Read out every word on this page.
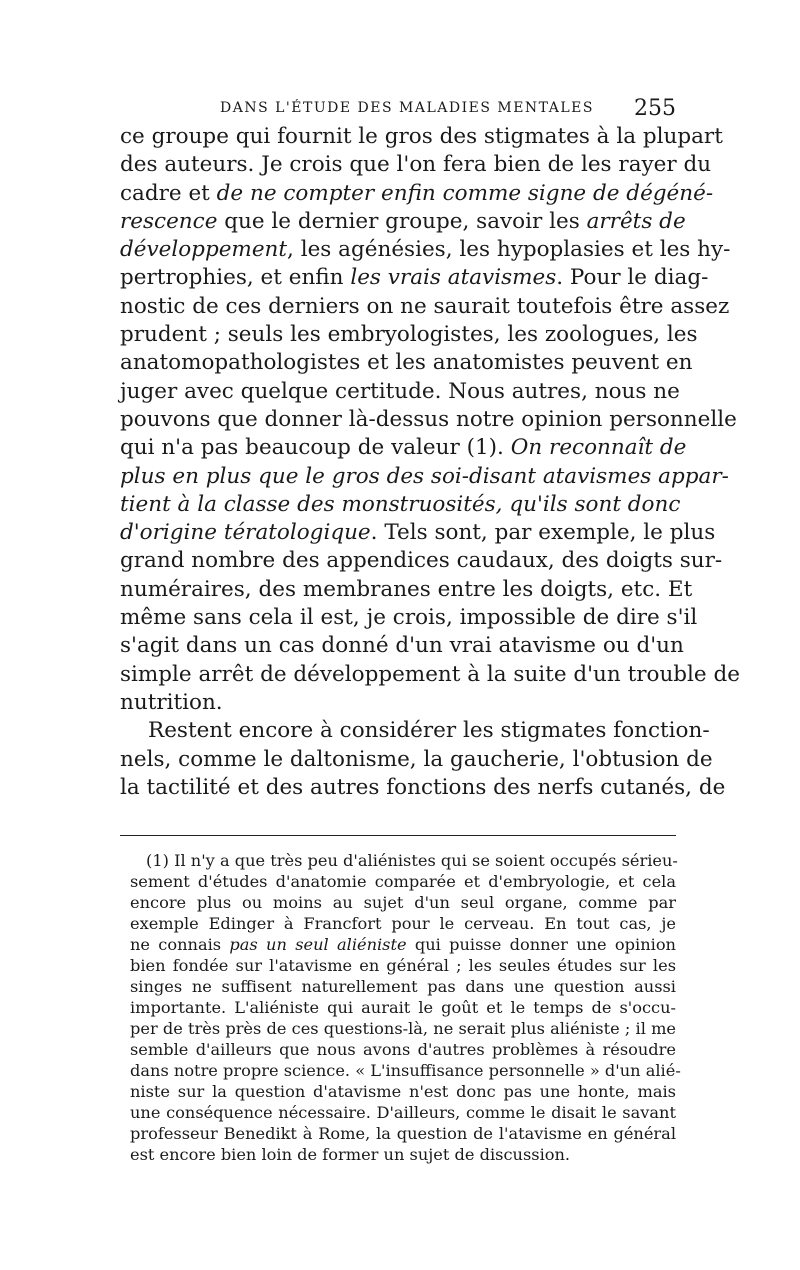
DANS L'ÉTUDE DES MALADIES MENTALES 255
ce groupe qui fournit le gros des stigmates à la plupart
des auteurs. Je crois que l'on fera bien de les rayer du
cadre et de ne compter enfin comme signe de dégéné-
rescence que le dernier groupe, savoir les arrêts de
développement, les agénésies, les hypoplasies et les hy-
pertrophies, et enfin les vrais atavismes. Pour le diag-
nostic de ces derniers on ne saurait toutefois être assez
prudent ; seuls les embryologistes, les zoologues, les
anatomopathologistes et les anatomistes peuvent en
juger avec quelque certitude. Nous autres, nous ne
pouvons que donner là-dessus notre opinion personnelle
qui n'a pas beaucoup de valeur (1). On reconnaît de
plus en plus que le gros des soi-disant atavismes appar-
tient à la classe des monstruosités, qu'ils sont donc
d'origine tératologique. Tels sont, par exemple, le plus
grand nombre des appendices caudaux, des doigts sur-
numéraires, des membranes entre les doigts, etc. Et
même sans cela il est, je crois, impossible de dire s'il
s'agit dans un cas donné d'un vrai atavisme ou d'un
simple arrêt de développement à la suite d'un trouble de
nutrition.
Restent encore à considérer les stigmates fonction-
nels, comme le daltonisme, la gaucherie, l'obtusion de
la tactilité et des autres fonctions des nerfs cutanés, de
(1) Il n'y a que très peu d'aliénistes qui se soient occupés sérieu-
sement d'études d'anatomie comparée et d'embryologie, et cela
encore plus ou moins au sujet d'un seul organe, comme par
exemple Edinger à Francfort pour le cerveau. En tout cas, je
ne connais pas un seul aliéniste qui puisse donner une opinion
bien fondée sur l'atavisme en général ; les seules études sur les
singes ne suffisent naturellement pas dans une question aussi
importante. L'aliéniste qui aurait le goût et le temps de s'occu-
per de très près de ces questions-là, ne serait plus aliéniste ; il me
semble d'ailleurs que nous avons d'autres problèmes à résoudre
dans notre propre science. « L'insuffisance personnelle » d'un alié-
niste sur la question d'atavisme n'est donc pas une honte, mais
une conséquence nécessaire. D'ailleurs, comme le disait le savant
professeur Benedikt à Rome, la question de l'atavisme en général
est encore bien loin de former un sujet de discussion.
